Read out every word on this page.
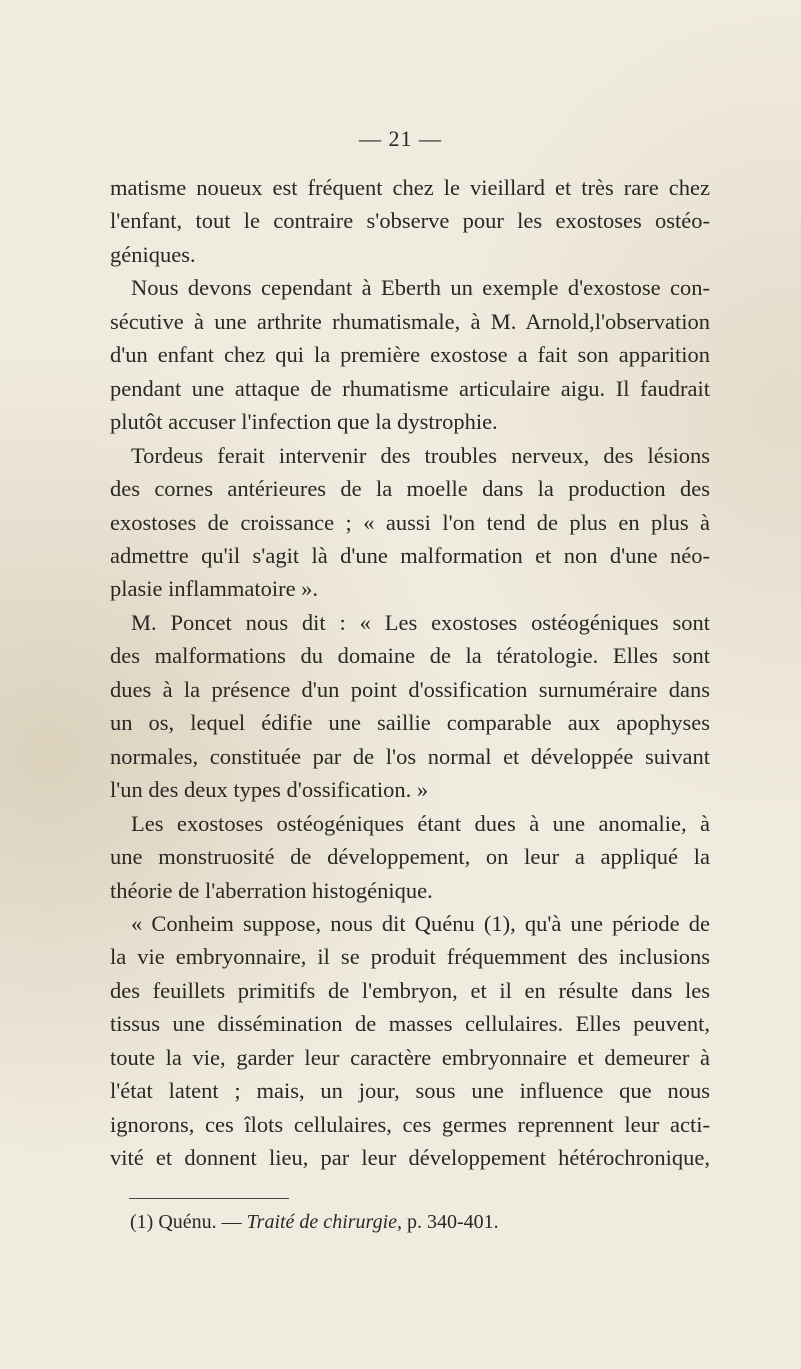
— 21 —

matisme noueux est fréquent chez le vieillard et très rare chez
l'enfant, tout le contraire s'observe pour les exostoses ostéo-
géniques.
Nous devons cependant à Eberth un exemple d'exostose con-
sécutive à une arthrite rhumatismale, à M. Arnold,l'observation
d'un enfant chez qui la première exostose a fait son apparition
pendant une attaque de rhumatisme articulaire aigu. Il faudrait
plutôt accuser l'infection que la dystrophie.
Tordeus ferait intervenir des troubles nerveux, des lésions
des cornes antérieures de la moelle dans la production des
exostoses de croissance ; « aussi l'on tend de plus en plus à
admettre qu'il s'agit là d'une malformation et non d'une néo-
plasie inflammatoire ».
M. Poncet nous dit : « Les exostoses ostéogéniques sont
des malformations du domaine de la tératologie. Elles sont
dues à la présence d'un point d'ossification surnuméraire dans
un os, lequel édifie une saillie comparable aux apophyses
normales, constituée par de l'os normal et développée suivant
l'un des deux types d'ossification. »
Les exostoses ostéogéniques étant dues à une anomalie, à
une monstruosité de développement, on leur a appliqué la
théorie de l'aberration histogénique.
« Conheim suppose, nous dit Quénu (1), qu'à une période de
la vie embryonnaire, il se produit fréquemment des inclusions
des feuillets primitifs de l'embryon, et il en résulte dans les
tissus une dissémination de masses cellulaires. Elles peuvent,
toute la vie, garder leur caractère embryonnaire et demeurer à
l'état latent ; mais, un jour, sous une influence que nous
ignorons, ces îlots cellulaires, ces germes reprennent leur acti-
vité et donnent lieu, par leur développement hétérochronique,

(1) Quénu. — Traité de chirurgie, p. 340-401.
